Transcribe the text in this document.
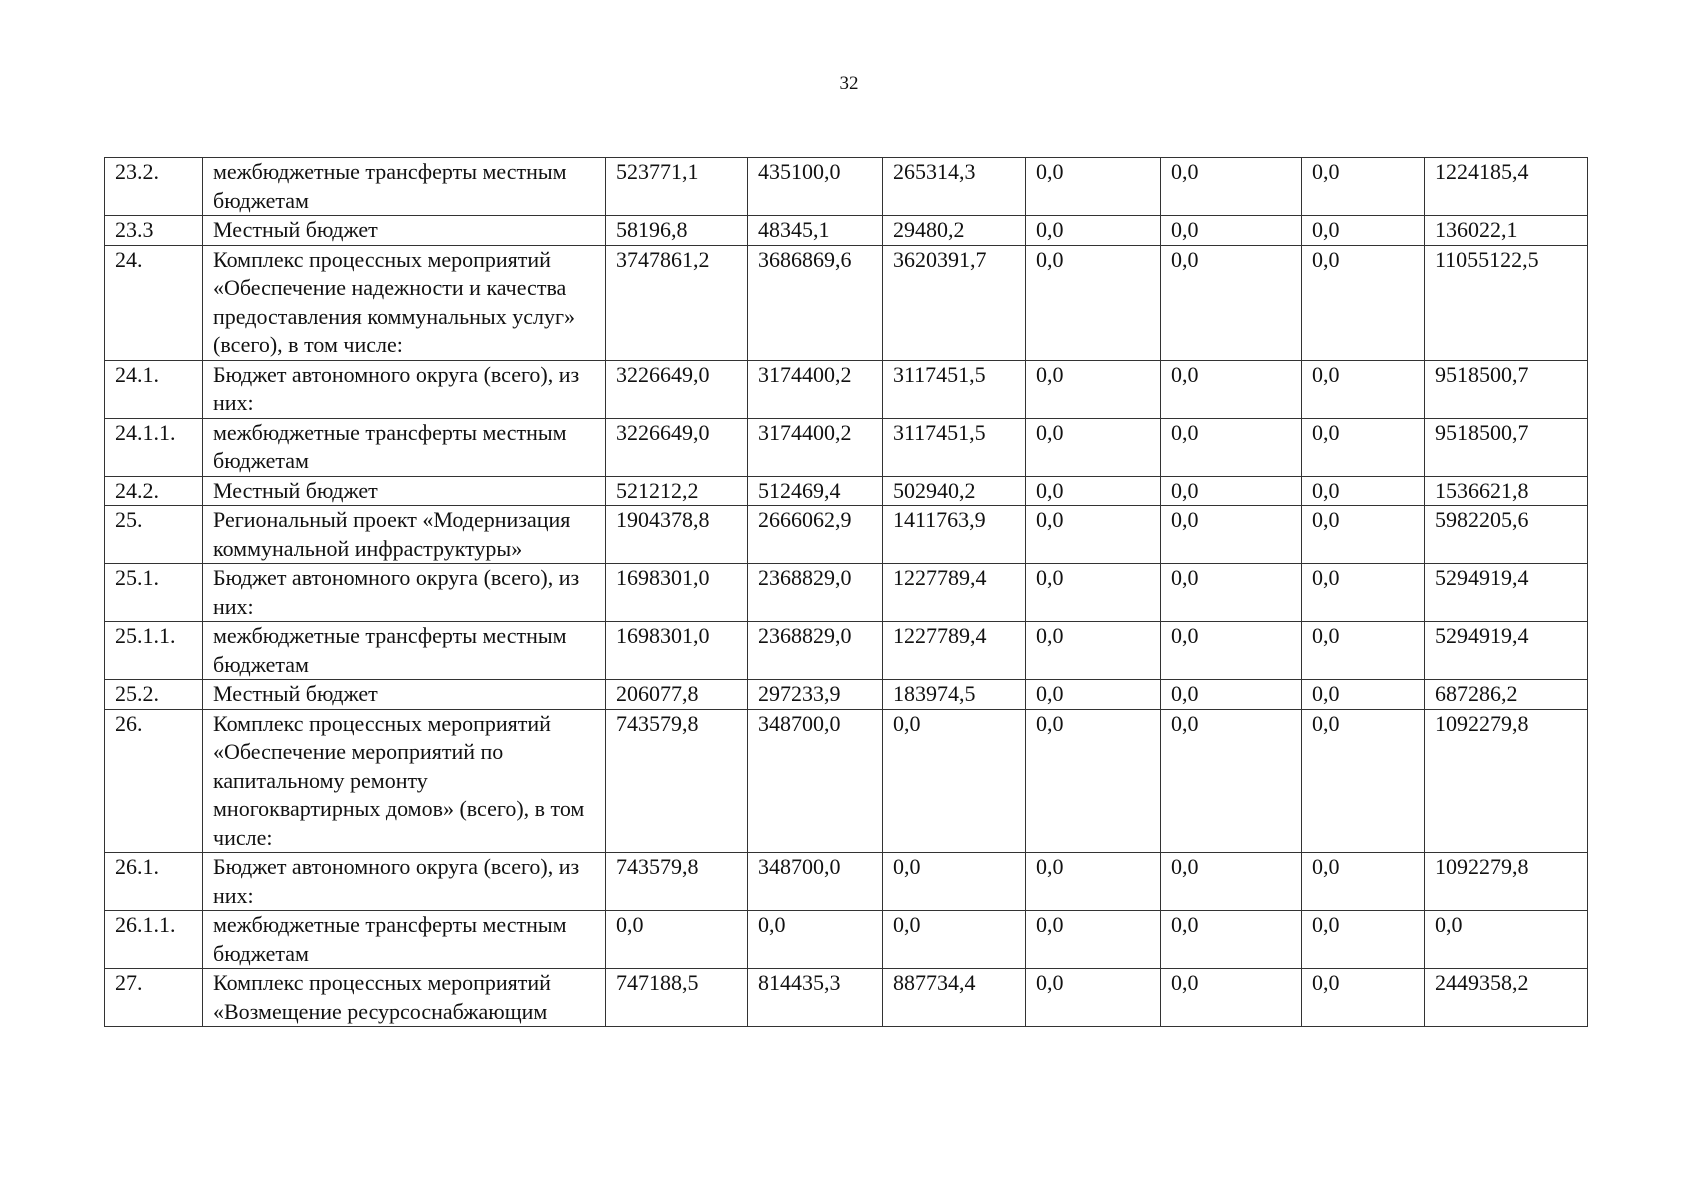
32
23.2.	межбюджетные трансферты местным бюджетам	523771,1	435100,0	265314,3	0,0	0,0	0,0	1224185,4
23.3	Местный бюджет	58196,8	48345,1	29480,2	0,0	0,0	0,0	136022,1
24.	Комплекс процессных мероприятий «Обеспечение надежности и качества предоставления коммунальных услуг» (всего), в том числе:	3747861,2	3686869,6	3620391,7	0,0	0,0	0,0	11055122,5
24.1.	Бюджет автономного округа (всего), из них:	3226649,0	3174400,2	3117451,5	0,0	0,0	0,0	9518500,7
24.1.1.	межбюджетные трансферты местным бюджетам	3226649,0	3174400,2	3117451,5	0,0	0,0	0,0	9518500,7
24.2.	Местный бюджет	521212,2	512469,4	502940,2	0,0	0,0	0,0	1536621,8
25.	Региональный проект «Модернизация коммунальной инфраструктуры»	1904378,8	2666062,9	1411763,9	0,0	0,0	0,0	5982205,6
25.1.	Бюджет автономного округа (всего), из них:	1698301,0	2368829,0	1227789,4	0,0	0,0	0,0	5294919,4
25.1.1.	межбюджетные трансферты местным бюджетам	1698301,0	2368829,0	1227789,4	0,0	0,0	0,0	5294919,4
25.2.	Местный бюджет	206077,8	297233,9	183974,5	0,0	0,0	0,0	687286,2
26.	Комплекс процессных мероприятий «Обеспечение мероприятий по капитальному ремонту многоквартирных домов» (всего), в том числе:	743579,8	348700,0	0,0	0,0	0,0	0,0	1092279,8
26.1.	Бюджет автономного округа (всего), из них:	743579,8	348700,0	0,0	0,0	0,0	0,0	1092279,8
26.1.1.	межбюджетные трансферты местным бюджетам	0,0	0,0	0,0	0,0	0,0	0,0	0,0
27.	Комплекс процессных мероприятий «Возмещение ресурсоснабжающим	747188,5	814435,3	887734,4	0,0	0,0	0,0	2449358,2
